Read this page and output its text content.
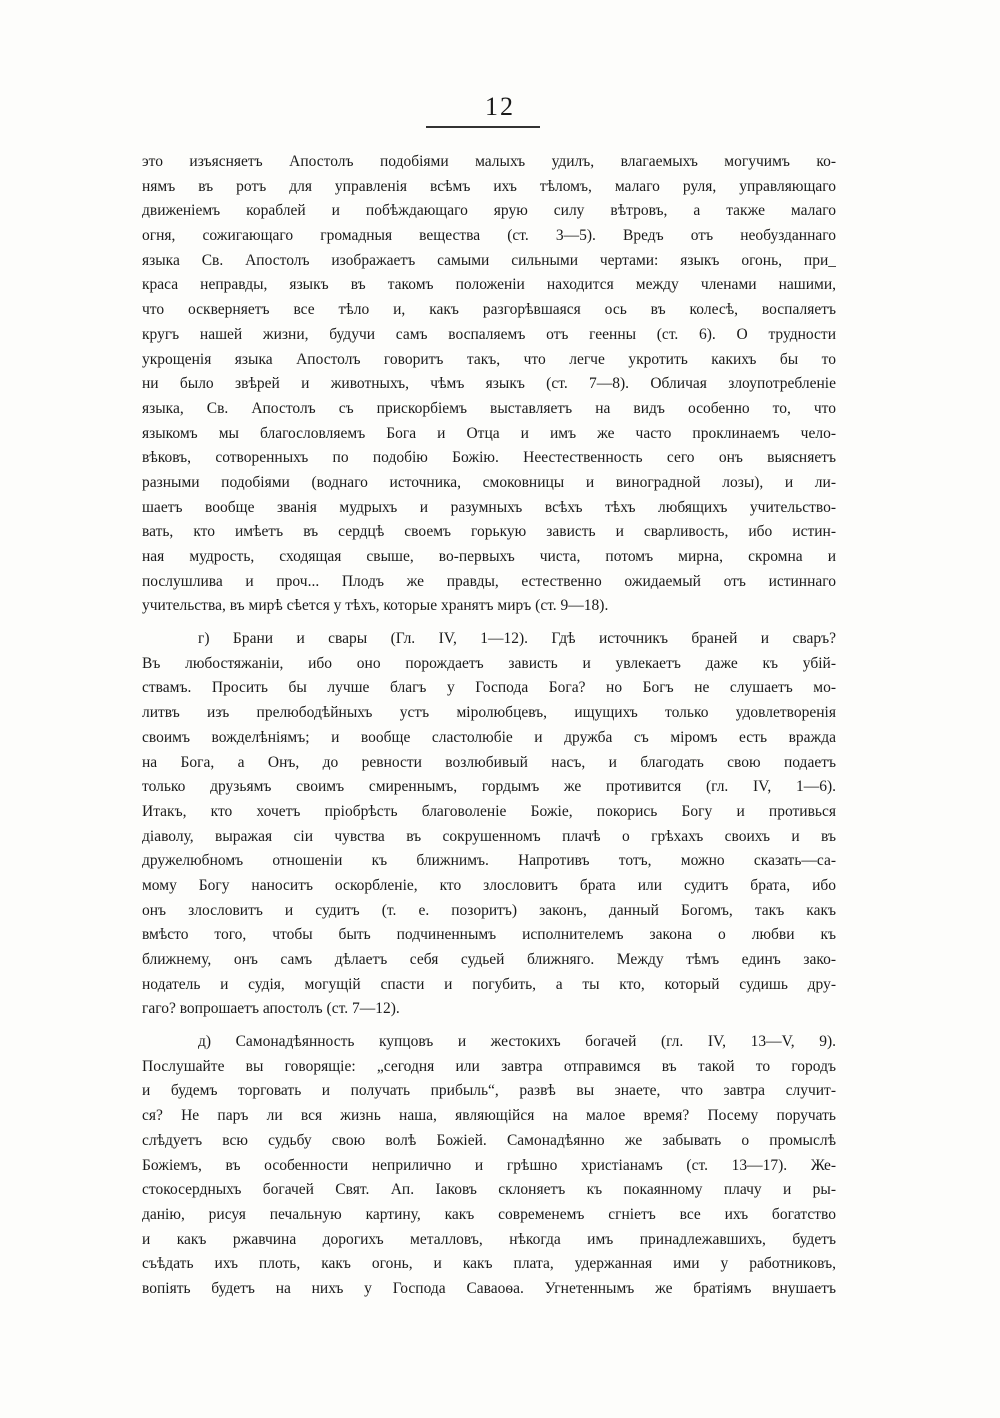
12
это изъясняетъ Апостолъ подобіями малыхъ удилъ, влагаемыхъ могучимъ ко-
нямъ въ ротъ для управленія всѣмъ ихъ тѣломъ, малаго руля, управляющаго
движеніемъ кораблей и побѣждающаго ярую силу вѣтровъ, а также малаго
огня, сожигающаго громадныя вещества (ст. 3—5). Вредъ отъ необузданнаго
языка Св. Апостолъ изображаетъ самыми сильными чертами: языкъ огонь, при_
краса неправды, языкъ въ такомъ положеніи находится между членами нашими,
что оскверняетъ все тѣло и, какъ разгорѣвшаяся ось въ колесѣ, воспаляетъ
кругъ нашей жизни, будучи самъ воспаляемъ отъ геенны (ст. 6). О трудности
укрощенія языка Апостолъ говоритъ такъ, что легче укротить какихъ бы то
ни было звѣрей и животныхъ, чѣмъ языкъ (ст. 7—8). Обличая злоупотребленіе
языка, Св. Апостолъ съ прискорбіемъ выставляетъ на видъ особенно то, что
языкомъ мы благословляемъ Бога и Отца и имъ же часто проклинаемъ чело-
вѣковъ, сотворенныхъ по подобію Божію. Неестественность сего онъ выясняетъ
разными подобіями (воднаго источника, смоковницы и виноградной лозы), и ли-
шаетъ вообще званія мудрыхъ и разумныхъ всѣхъ тѣхъ любящихъ учительство-
вать, кто имѣетъ въ сердцѣ своемъ горькую зависть и сварливость, ибо истин-
ная мудрость, сходящая свыше, во-первыхъ чиста, потомъ мирна, скромна и
послушлива и проч... Плодъ же правды, естественно ожидаемый отъ истиннаго
учительства, въ мирѣ сѣется у тѣхъ, которые хранятъ миръ (ст. 9—18).
г) Брани и свары (Гл. IV, 1—12). Гдѣ источникъ браней и сваръ?
Въ любостяжаніи, ибо оно порождаетъ зависть и увлекаетъ даже къ убій-
ствамъ. Просить бы лучше благъ у Господа Бога? но Богъ не слушаетъ мо-
литвъ изъ прелюбодѣйныхъ устъ міролюбцевъ, ищущихъ только удовлетворенія
своимъ вожделѣніямъ; и вообще сластолюбіе и дружба съ міромъ есть вражда
на Бога, а Онъ, до ревности возлюбивый насъ, и благодать свою подаетъ
только друзьямъ своимъ смиреннымъ, гордымъ же противится (гл. IV, 1—6).
Итакъ, кто хочетъ пріобрѣсть благоволеніе Божіе, покорись Богу и противься
діаволу, выражая сіи чувства въ сокрушенномъ плачѣ о грѣхахъ своихъ и въ
дружелюбномъ отношеніи къ ближнимъ. Напротивъ тотъ, можно сказать—са-
мому Богу наноситъ оскорбленіе, кто злословитъ брата или судитъ брата, ибо
онъ злословитъ и судитъ (т. е. позоритъ) законъ, данный Богомъ, такъ какъ
вмѣсто того, чтобы быть подчиненнымъ исполнителемъ закона о любви къ
ближнему, онъ самъ дѣлаетъ себя судьей ближняго. Между тѣмъ единъ зако-
нодатель и судія, могущій спасти и погубить, а ты кто, который судишь дру-
гаго? вопрошаетъ апостолъ (ст. 7—12).
д) Самонадѣянность купцовъ и жестокихъ богачей (гл. IV, 13—V, 9).
Послушайте вы говорящіе: „сегодня или завтра отправимся въ такой то городъ
и будемъ торговать и получать прибыль“, развѣ вы знаете, что завтра случит-
ся? Не паръ ли вся жизнь наша, являющійся на малое время? Посему поручать
слѣдуетъ всю судьбу свою волѣ Божіей. Самонадѣянно же забывать о промыслѣ
Божіемъ, въ особенности неприлично и грѣшно христіанамъ (ст. 13—17). Же-
стокосердныхъ богачей Свят. Ап. Іаковъ склоняетъ къ покаянному плачу и ры-
данію, рисуя печальную картину, какъ современемъ сгніетъ все ихъ богатство
и какъ ржавчина дорогихъ металловъ, нѣкогда имъ принадлежавшихъ, будетъ
съѣдать ихъ плоть, какъ огонь, и какъ плата, удержанная ими у работниковъ,
вопіять будетъ на нихъ у Господа Саваоѳа. Угнетеннымъ же братіямъ внушаетъ
